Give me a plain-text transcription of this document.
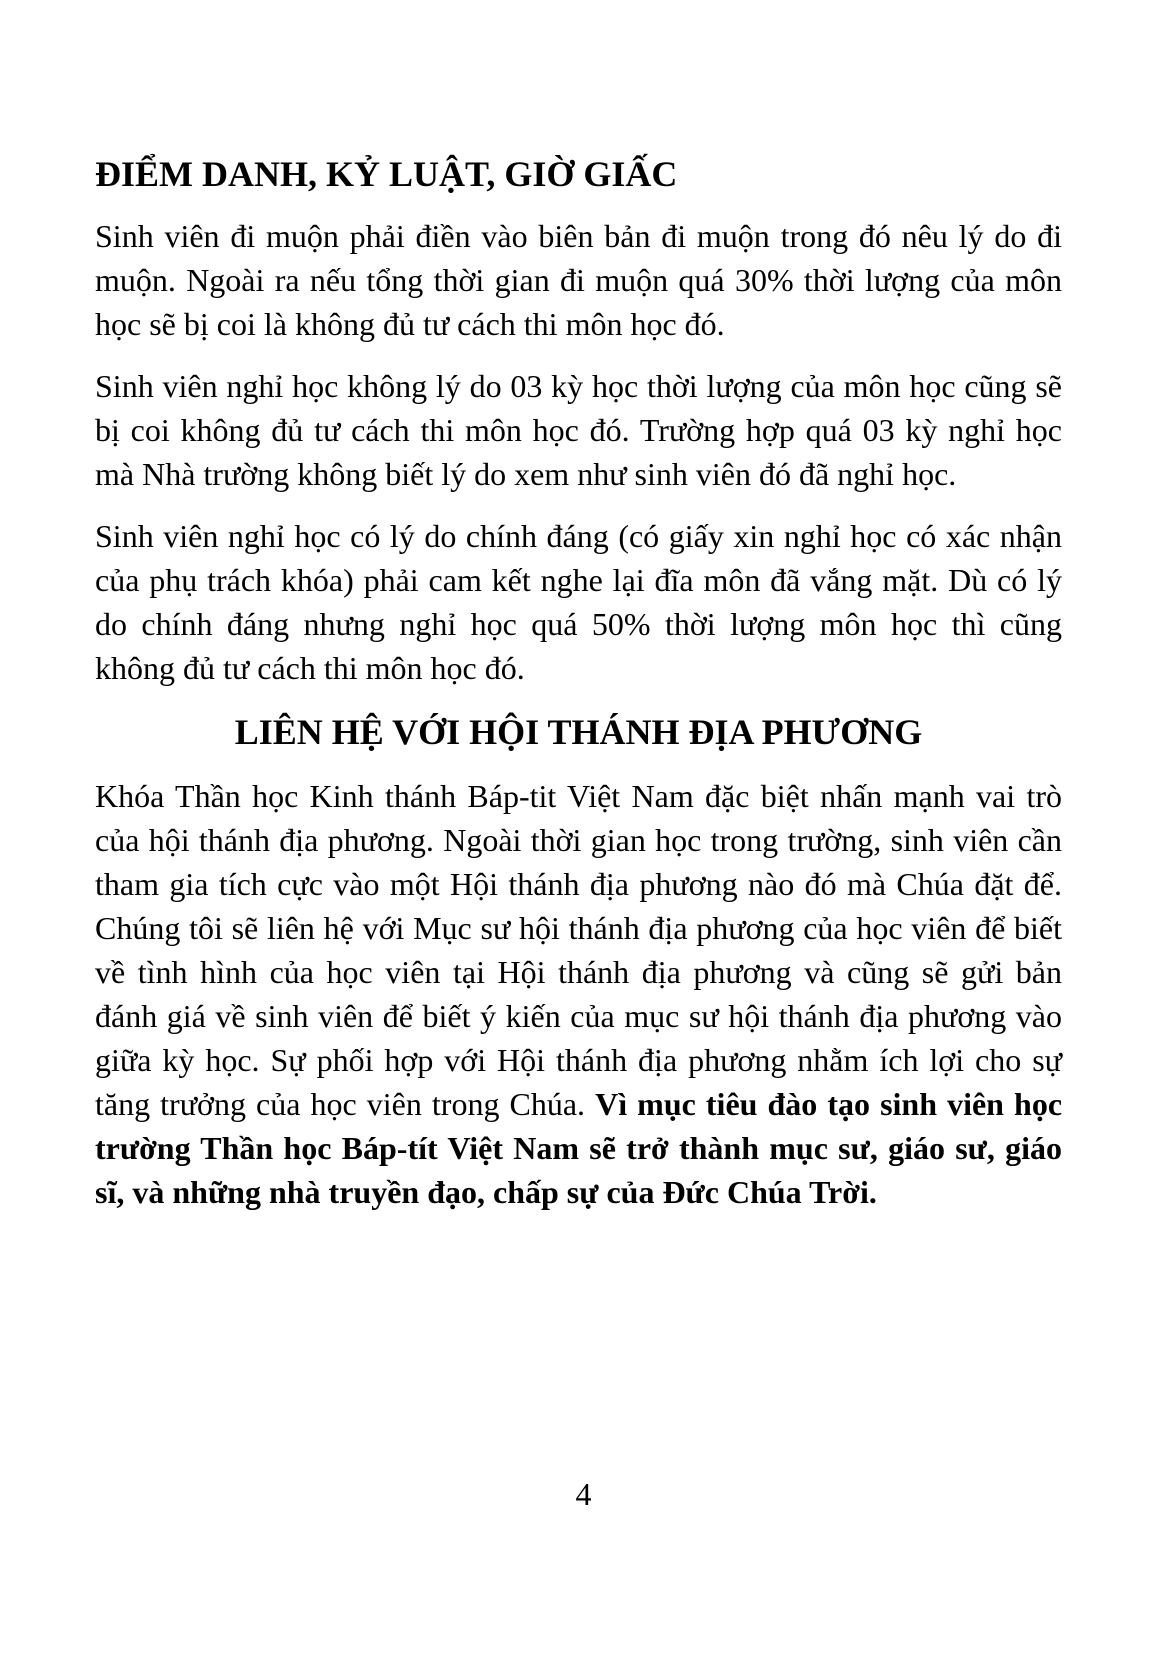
ĐIỂM DANH, KỶ LUẬT, GIỜ GIẤC

Sinh viên đi muộn phải điền vào biên bản đi muộn trong đó nêu lý do đi muộn. Ngoài ra nếu tổng thời gian đi muộn quá 30% thời lượng của môn học sẽ bị coi là không đủ tư cách thi môn học đó.

Sinh viên nghỉ học không lý do 03 kỳ học thời lượng của môn học cũng sẽ bị coi không đủ tư cách thi môn học đó. Trường hợp quá 03 kỳ nghỉ học mà Nhà trường không biết lý do xem như sinh viên đó đã nghỉ học.

Sinh viên nghỉ học có lý do chính đáng (có giấy xin nghỉ học có xác nhận của phụ trách khóa) phải cam kết nghe lại đĩa môn đã vắng mặt. Dù có lý do chính đáng nhưng nghỉ học quá 50% thời lượng môn học thì cũng không đủ tư cách thi môn học đó.

LIÊN HỆ VỚI HỘI THÁNH ĐỊA PHƯƠNG

Khóa Thần học Kinh thánh Báp-tit Việt Nam đặc biệt nhấn mạnh vai trò của hội thánh địa phương. Ngoài thời gian học trong trường, sinh viên cần tham gia tích cực vào một Hội thánh địa phương nào đó mà Chúa đặt để. Chúng tôi sẽ liên hệ với Mục sư hội thánh địa phương của học viên để biết về tình hình của học viên tại Hội thánh địa phương và cũng sẽ gửi bản đánh giá về sinh viên để biết ý kiến của mục sư hội thánh địa phương vào giữa kỳ học. Sự phối hợp với Hội thánh địa phương nhằm ích lợi cho sự tăng trưởng của học viên trong Chúa. Vì mục tiêu đào tạo sinh viên học trường Thần học Báp-tít Việt Nam sẽ trở thành mục sư, giáo sư, giáo sĩ, và những nhà truyền đạo, chấp sự của Đức Chúa Trời.

4
